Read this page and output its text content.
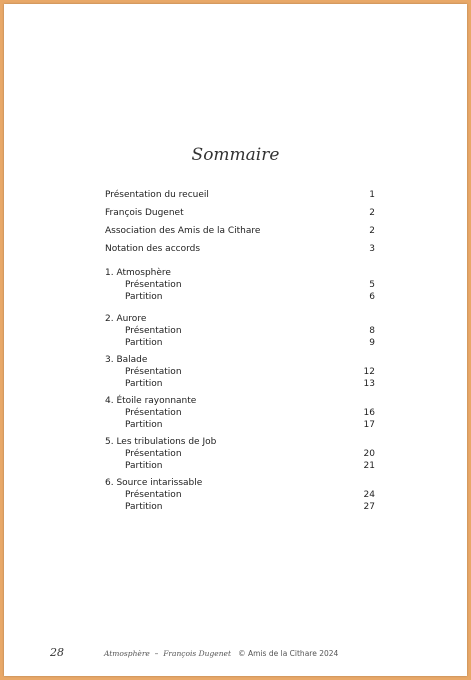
Sommaire
Présentation du recueil	1
François Dugenet	2
Association des Amis de la Cithare	2
Notation des accords	3
1. Atmosphère
Présentation	5
Partition	6
2. Aurore
Présentation	8
Partition	9
3. Balade
Présentation	12
Partition	13
4. Étoile rayonnante
Présentation	16
Partition	17
5. Les tribulations de Job
Présentation	20
Partition	21
6. Source intarissable
Présentation	24
Partition	27
28	Atmosphère – François Dugenet © Amis de la Cithare 2024
